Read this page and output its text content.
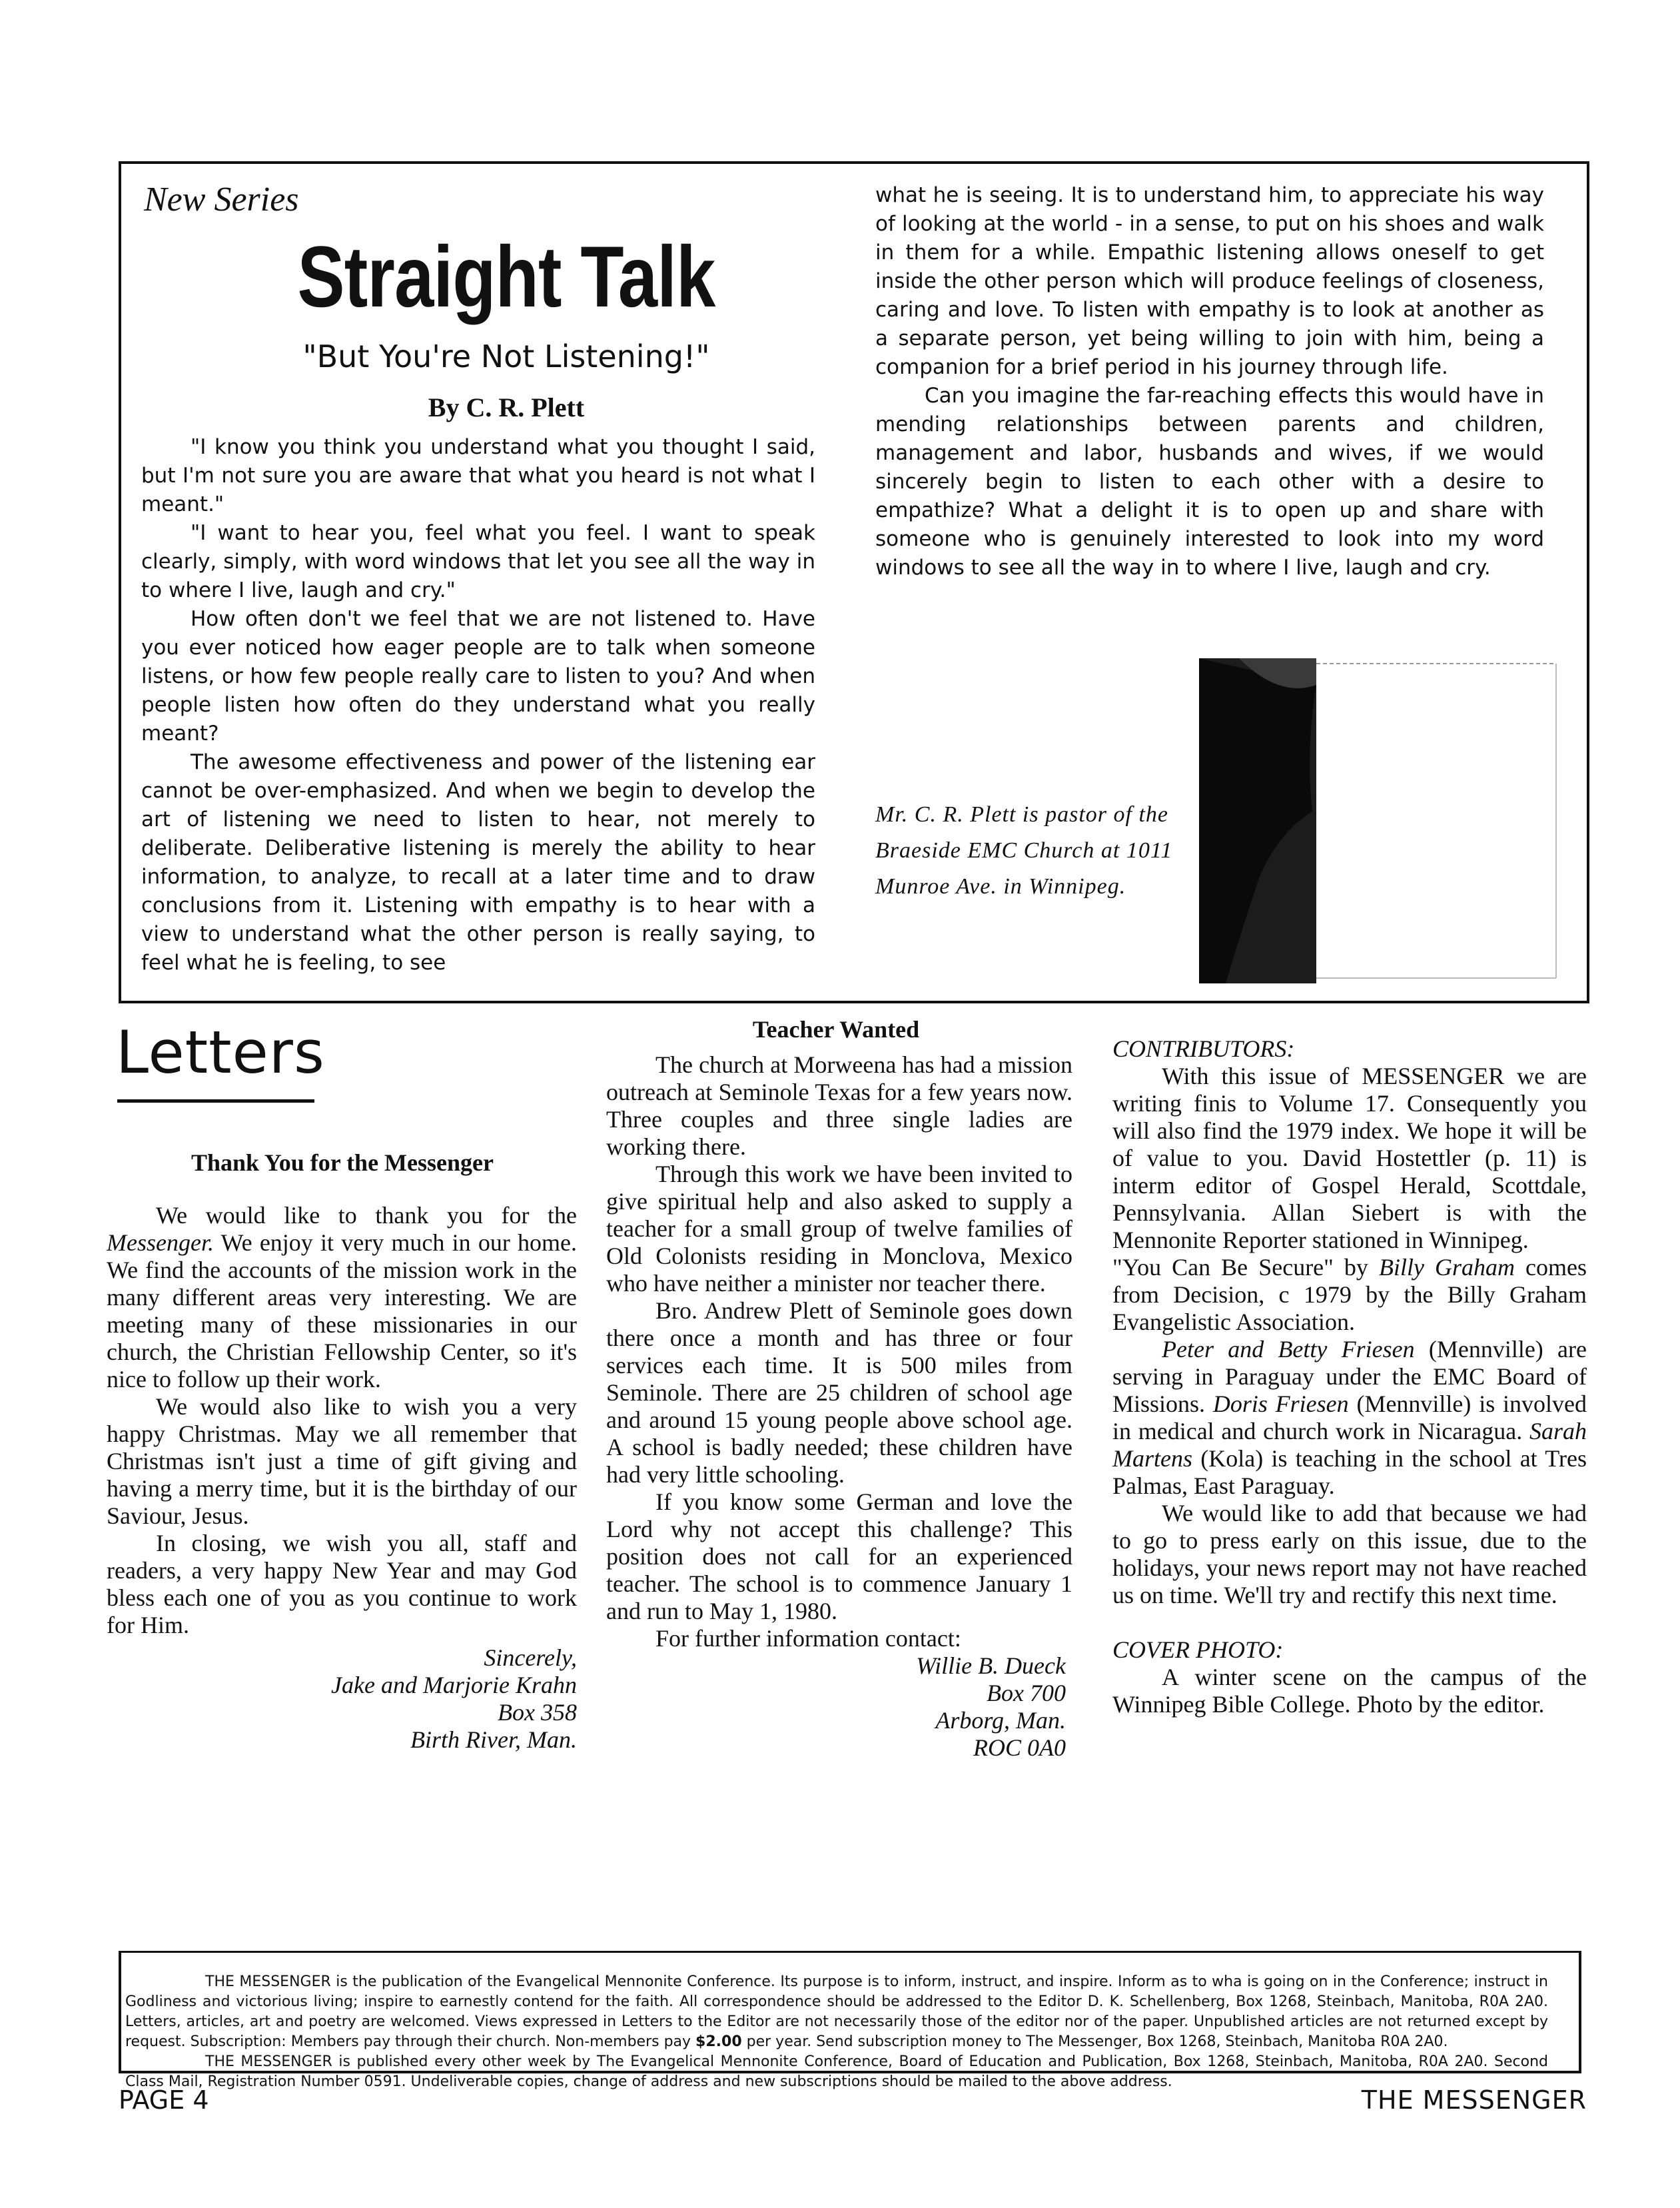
New Series
Straight Talk
"But You're Not Listening!"
By C. R. Plett

"I know you think you understand what you thought I said, but I'm not sure you are aware that what you heard is not what I meant."

"I want to hear you, feel what you feel. I want to speak clearly, simply, with word windows that let you see all the way in to where I live, laugh and cry."

How often don't we feel that we are not listened to. Have you ever noticed how eager people are to talk when someone listens, or how few people really care to listen to you? And when people listen how often do they understand what you really meant?

The awesome effectiveness and power of the listening ear cannot be over-emphasized. And when we begin to develop the art of listening we need to listen to hear, not merely to deliberate. Deliberative listening is merely the ability to hear information, to analyze, to recall at a later time and to draw conclusions from it. Listening with empathy is to hear with a view to understand what the other person is really saying, to feel what he is feeling, to see

what he is seeing. It is to understand him, to appreciate his way of looking at the world - in a sense, to put on his shoes and walk in them for a while. Empathic listening allows oneself to get inside the other person which will produce feelings of closeness, caring and love. To listen with empathy is to look at another as a separate person, yet being willing to join with him, being a companion for a brief period in his journey through life.

Can you imagine the far-reaching effects this would have in mending relationships between parents and children, management and labor, husbands and wives, if we would sincerely begin to listen to each other with a desire to empathize? What a delight it is to open up and share with someone who is genuinely interested to look into my word windows to see all the way in to where I live, laugh and cry.

Mr. C. R. Plett is pastor of the Braeside EMC Church at 1011 Munroe Ave. in Winnipeg.
Letters
Thank You for the Messenger

We would like to thank you for the Messenger. We enjoy it very much in our home. We find the accounts of the mission work in the many different areas very interesting. We are meeting many of these missionaries in our church, the Christian Fellowship Center, so it's nice to follow up their work.

We would also like to wish you a very happy Christmas. May we all remember that Christmas isn't just a time of gift giving and having a merry time, but it is the birthday of our Saviour, Jesus.

In closing, we wish you all, staff and readers, a very happy New Year and may God bless each one of you as you continue to work for Him.

Sincerely,
Jake and Marjorie Krahn
Box 358
Birth River, Man.
Teacher Wanted

The church at Morweena has had a mission outreach at Seminole Texas for a few years now. Three couples and three single ladies are working there.

Through this work we have been invited to give spiritual help and also asked to supply a teacher for a small group of twelve families of Old Colonists residing in Monclova, Mexico who have neither a minister nor teacher there.

Bro. Andrew Plett of Seminole goes down there once a month and has three or four services each time. It is 500 miles from Seminole. There are 25 children of school age and around 15 young people above school age. A school is badly needed; these children have had very little schooling.

If you know some German and love the Lord why not accept this challenge? This position does not call for an experienced teacher. The school is to commence January 1 and run to May 1, 1980.

For further information contact:

Willie B. Dueck
Box 700
Arborg, Man.
ROC 0A0
CONTRIBUTORS:

With this issue of MESSENGER we are writing finis to Volume 17. Consequently you will also find the 1979 index. We hope it will be of value to you. David Hostettler (p. 11) is interm editor of Gospel Herald, Scottdale, Pennsylvania. Allan Siebert is with the Mennonite Reporter stationed in Winnipeg.

"You Can Be Secure" by Billy Graham comes from Decision, c 1979 by the Billy Graham Evangelistic Association.

Peter and Betty Friesen (Mennville) are serving in Paraguay under the EMC Board of Missions. Doris Friesen (Mennville) is involved in medical and church work in Nicaragua. Sarah Martens (Kola) is teaching in the school at Tres Palmas, East Paraguay.

We would like to add that because we had to go to press early on this issue, due to the holidays, your news report may not have reached us on time. We'll try and rectify this next time.

COVER PHOTO:

A winter scene on the campus of the Winnipeg Bible College. Photo by the editor.

THE MESSENGER is the publication of the Evangelical Mennonite Conference. Its purpose is to inform, instruct, and inspire. Inform as to wha is going on in the Conference; instruct in Godliness and victorious living; inspire to earnestly contend for the faith. All correspondence should be addressed to the Editor D. K. Schellenberg, Box 1268, Steinbach, Manitoba, R0A 2A0. Letters, articles, art and poetry are welcomed. Views expressed in Letters to the Editor are not necessarily those of the editor nor of the paper. Unpublished articles are not returned except by request. Subscription: Members pay through their church. Non-members pay $2.00 per year. Send subscription money to The Messenger, Box 1268, Steinbach, Manitoba R0A 2A0.

THE MESSENGER is published every other week by The Evangelical Mennonite Conference, Board of Education and Publication, Box 1268, Steinbach, Manitoba, R0A 2A0. Second Class Mail, Registration Number 0591. Undeliverable copies, change of address and new subscriptions should be mailed to the above address.

PAGE 4	THE MESSENGER
